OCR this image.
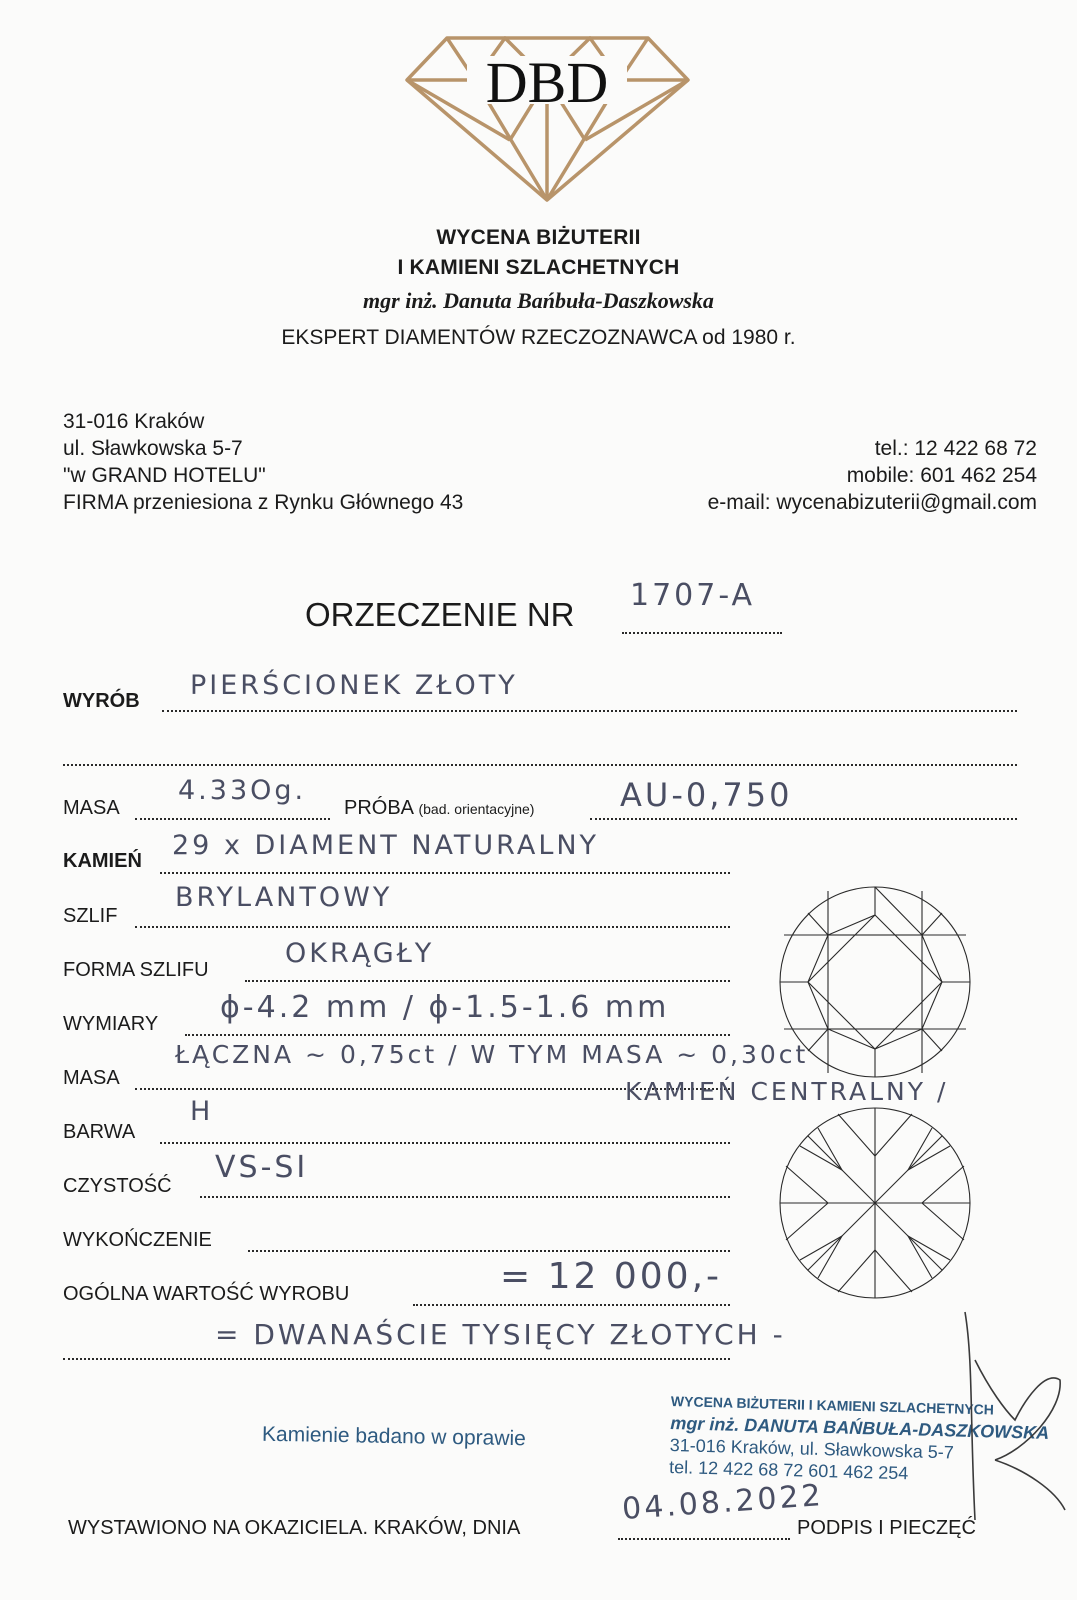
DBD
WYCENA BIŻUTERII
I KAMIENI SZLACHETNYCH
mgr inż. Danuta Bańbuła-Daszkowska
EKSPERT DIAMENTÓW RZECZOZNAWCA od 1980 r.
31-016 Kraków
ul. Sławkowska 5-7
"w GRAND HOTELU"
FIRMA przeniesiona z Rynku Głównego 43
tel.: 12 422 68 72
mobile: 601 462 254
e-mail: wycenabizuterii@gmail.com
ORZECZENIE NR
1707-A
WYRÓB PIERŚCIONEK ZŁOTY
MASA
4.33Og.
PRÓBA (bad. orientacyjne)	AU-0,750
KAMIEŃ 29 x DIAMENT NATURALNY
SZLIF
BRYLANTOWY
FORMA SZLIFU
OKRĄGŁY
WYMIARY ϕ-4.2 mm / ϕ-1.5-1.6 mm
MASA
ŁĄCZNA ~ 0,75ct / W TYM MASA ~ 0,30ct
KAMIEŃ CENTRALNY /
BARWA
H
CZYSTOŚĆ
VS-SI
WYKOŃCZENIE
OGÓLNA WARTOŚĆ WYROBU	= 12 000,-
= DWANAŚCIE TYSIĘCY ZŁOTYCH -
Kamienie badano w oprawie
WYCENA BIŻUTERII I KAMIENI SZLACHETNYCH
mgr inż. DANUTA BAŃBUŁA-DASZKOWSKA
31-016 Kraków, ul. Sławkowska 5-7
tel. 12 422 68 72 601 462 254
WYSTAWIONO NA OKAZICIELA. KRAKÓW, DNIA
04.08.2022
PODPIS I PIECZĘĆ
